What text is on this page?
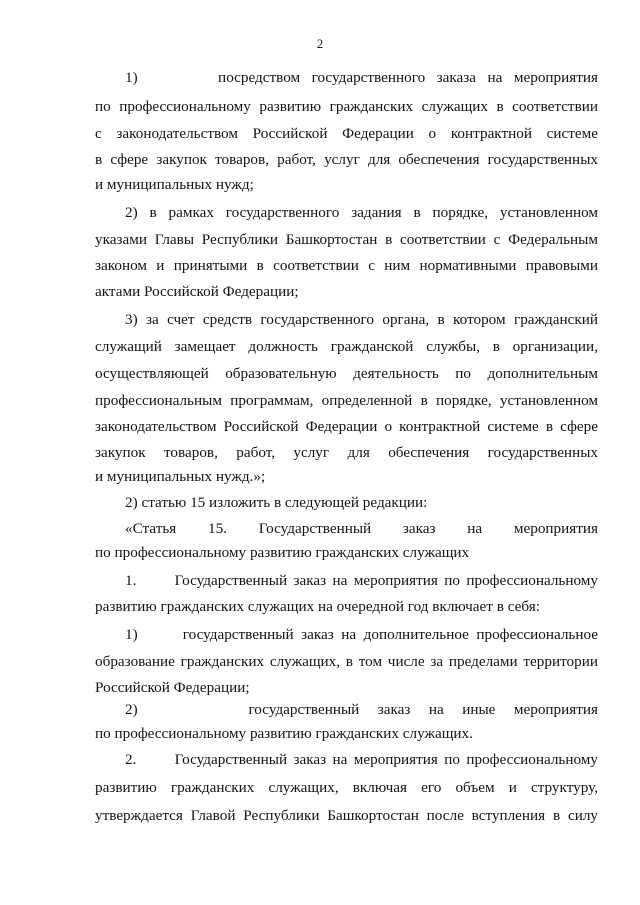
2
1)       посредством государственного заказа на мероприятия
по профессиональному развитию гражданских служащих в соответствии
с законодательством Российской Федерации о контрактной системе
в сфере закупок товаров, работ, услуг для обеспечения государственных
и муниципальных нужд;
2) в рамках государственного задания в порядке, установленном
указами Главы Республики Башкортостан в соответствии с Федеральным
законом и принятыми в соответствии с ним нормативными правовыми
актами Российской Федерации;
3) за счет средств государственного органа, в котором гражданский
служащий замещает должность гражданской службы, в организации,
осуществляющей образовательную деятельность по дополнительным
профессиональным программам, определенной в порядке, установленном
законодательством Российской Федерации о контрактной системе в сфере
закупок товаров, работ, услуг для обеспечения государственных
и муниципальных нужд.»;
2) статью 15 изложить в следующей редакции:
«Статья 15. Государственный заказ на мероприятия
по профессиональному развитию гражданских служащих
1.      Государственный заказ на мероприятия по профессиональному
развитию гражданских служащих на очередной год включает в себя:
1)      государственный заказ на дополнительное профессиональное
образование гражданских служащих, в том числе за пределами территории
Российской Федерации;
2)      государственный заказ на иные мероприятия
по профессиональному развитию гражданских служащих.
2.      Государственный заказ на мероприятия по профессиональному
развитию гражданских служащих, включая его объем и структуру,
утверждается Главой Республики Башкортостан после вступления в силу
